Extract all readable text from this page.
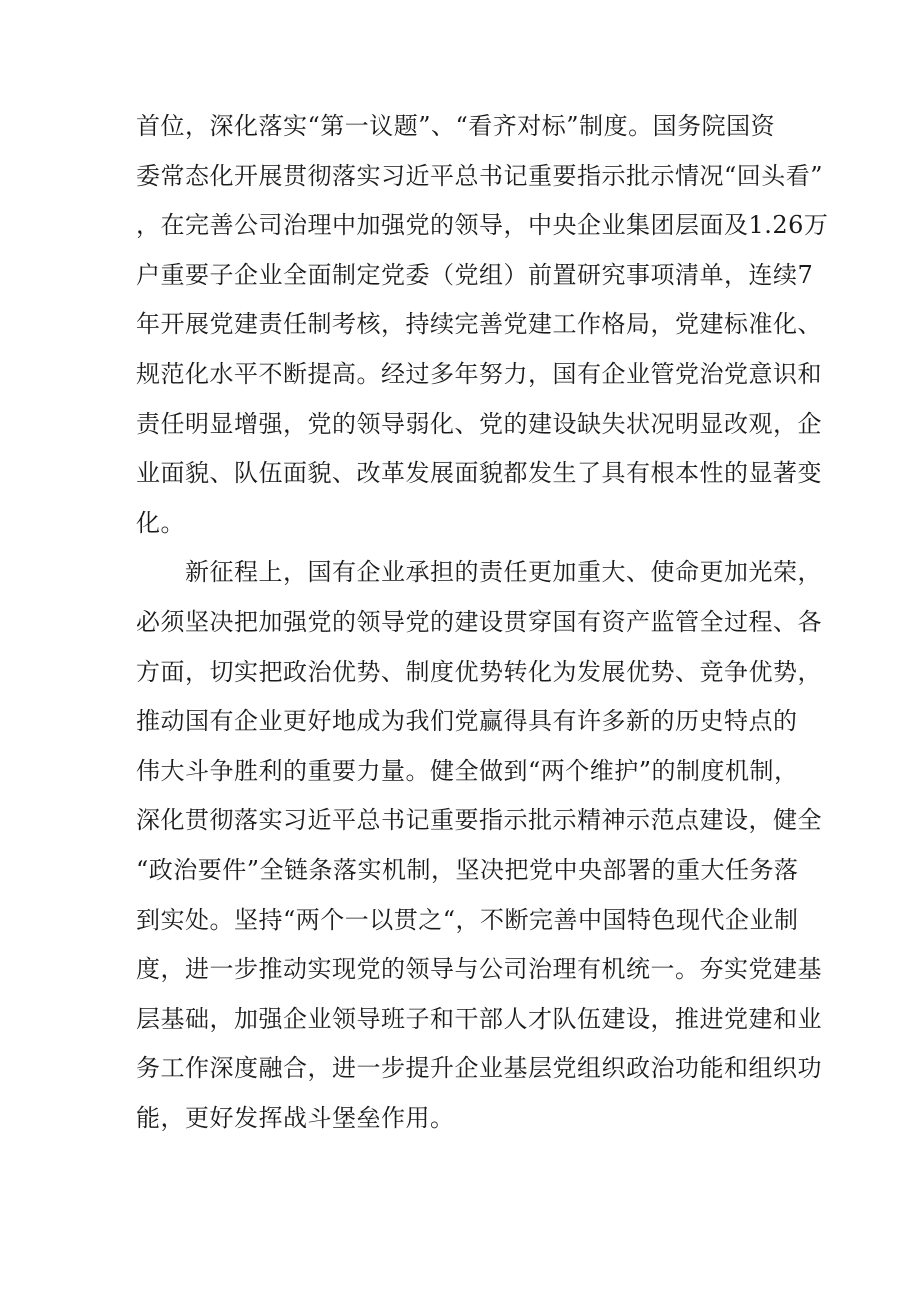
首位，深化落实“第一议题”、“看齐对标”制度。国务院国资
委常态化开展贯彻落实习近平总书记重要指示批示情况“回头看”
，在完善公司治理中加强党的领导，中央企业集团层面及1.26万
户重要子企业全面制定党委（党组）前置研究事项清单，连续7
年开展党建责任制考核，持续完善党建工作格局，党建标准化、
规范化水平不断提高。经过多年努力，国有企业管党治党意识和
责任明显增强，党的领导弱化、党的建设缺失状况明显改观，企
业面貌、队伍面貌、改革发展面貌都发生了具有根本性的显著变
化。
　　新征程上，国有企业承担的责任更加重大、使命更加光荣，
必须坚决把加强党的领导党的建设贯穿国有资产监管全过程、各
方面，切实把政治优势、制度优势转化为发展优势、竞争优势，
推动国有企业更好地成为我们党赢得具有许多新的历史特点的
伟大斗争胜利的重要力量。健全做到“两个维护”的制度机制，
深化贯彻落实习近平总书记重要指示批示精神示范点建设，健全
“政治要件”全链条落实机制，坚决把党中央部署的重大任务落
到实处。坚持“两个一以贯之“，不断完善中国特色现代企业制
度，进一步推动实现党的领导与公司治理有机统一。夯实党建基
层基础，加强企业领导班子和干部人才队伍建设，推进党建和业
务工作深度融合，进一步提升企业基层党组织政治功能和组织功
能，更好发挥战斗堡垒作用。
